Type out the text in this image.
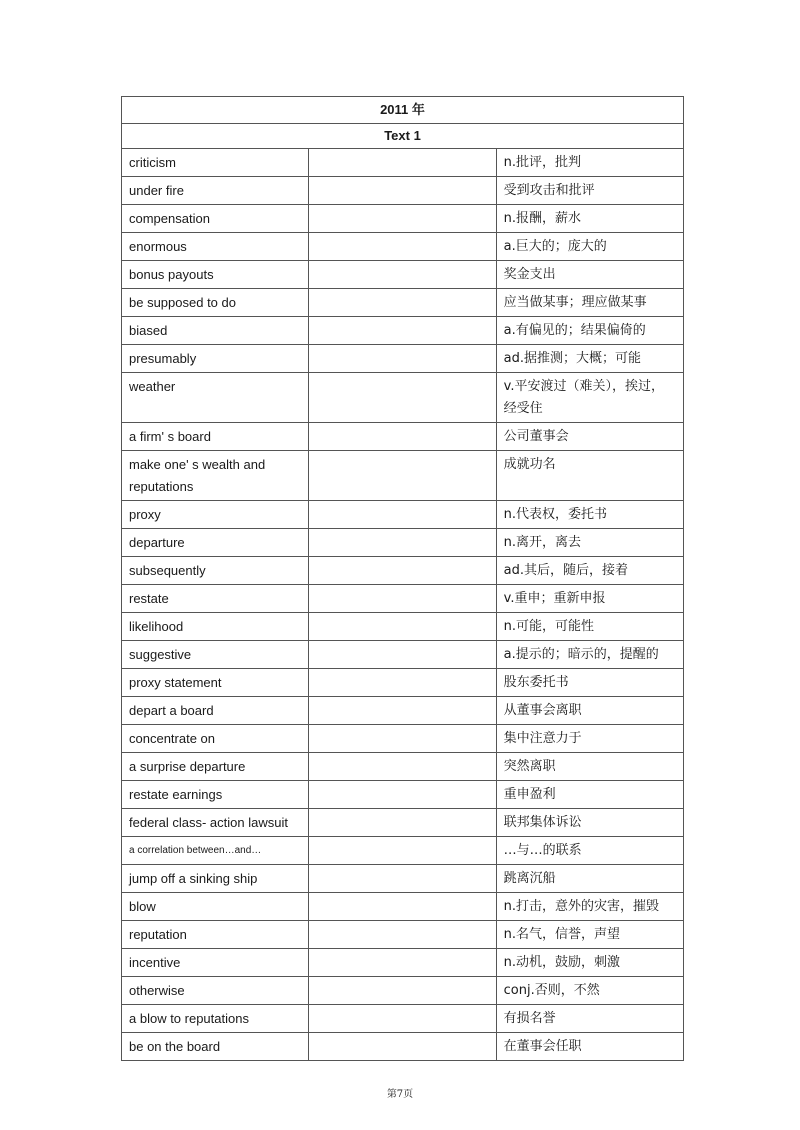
2011 年		
Text 1		
criticism		n.批评，批判
under fire		受到攻击和批评
compensation		n.报酬，薪水
enormous		a.巨大的；庞大的
bonus payouts		奖金支出
be supposed to do		应当做某事；理应做某事
biased		a.有偏见的；结果偏倚的
presumably		ad.据推测；大概；可能
weather		v.平安渡过（难关），挨过，经受住
a firm' s board		公司董事会
make one' s wealth and reputations		成就功名
proxy		n.代表权，委托书
departure		n.离开，离去
subsequently		ad.其后，随后，接着
restate		v.重申；重新申报
likelihood		n.可能，可能性
suggestive		a.提示的；暗示的，提醒的
proxy statement		股东委托书
depart a board		从董事会离职
concentrate on		集中注意力于
a surprise departure		突然离职
restate earnings		重申盈利
federal class- action lawsuit		联邦集体诉讼
a correlation between…and…		…与…的联系
jump off a sinking ship		跳离沉船
blow		n.打击，意外的灾害，摧毁
reputation		n.名气，信誉，声望
incentive		n.动机，鼓励，刺激
otherwise		conj.否则，不然
a blow to reputations		有损名誉
be on the board		在董事会任职
第7页
